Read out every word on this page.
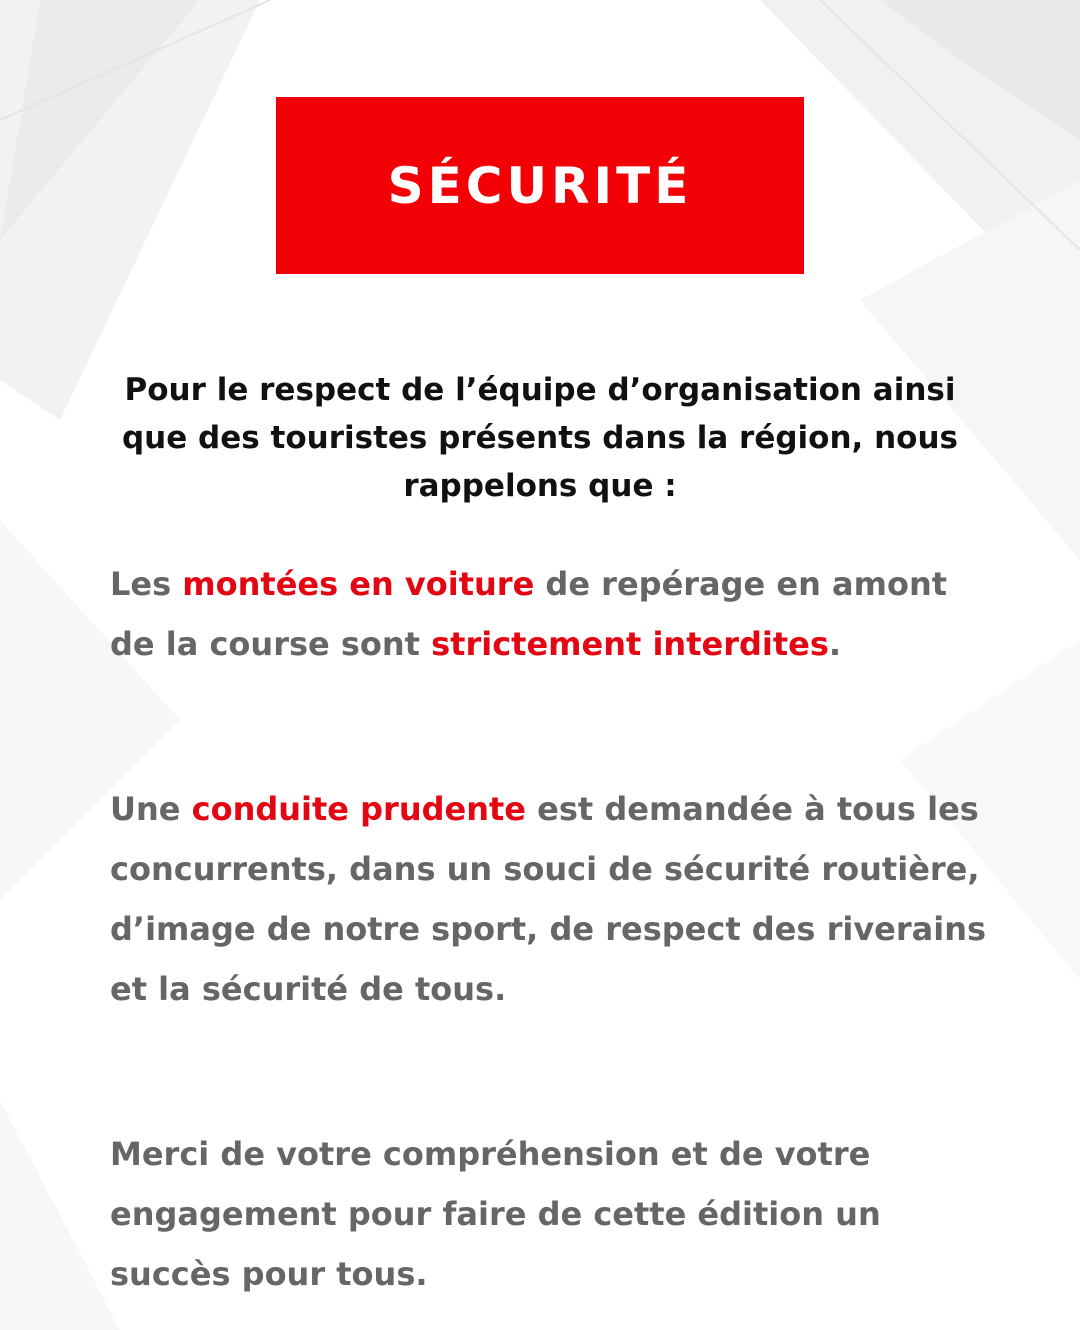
SÉCURITÉ
Pour le respect de l’équipe d’organisation ainsi que des touristes présents dans la région, nous rappelons que :
Les montées en voiture de repérage en amont de la course sont strictement interdites.
Une conduite prudente est demandée à tous les concurrents, dans un souci de sécurité routière, d’image de notre sport, de respect des riverains et la sécurité de tous.
Merci de votre compréhension et de votre engagement pour faire de cette édition un succès pour tous.
